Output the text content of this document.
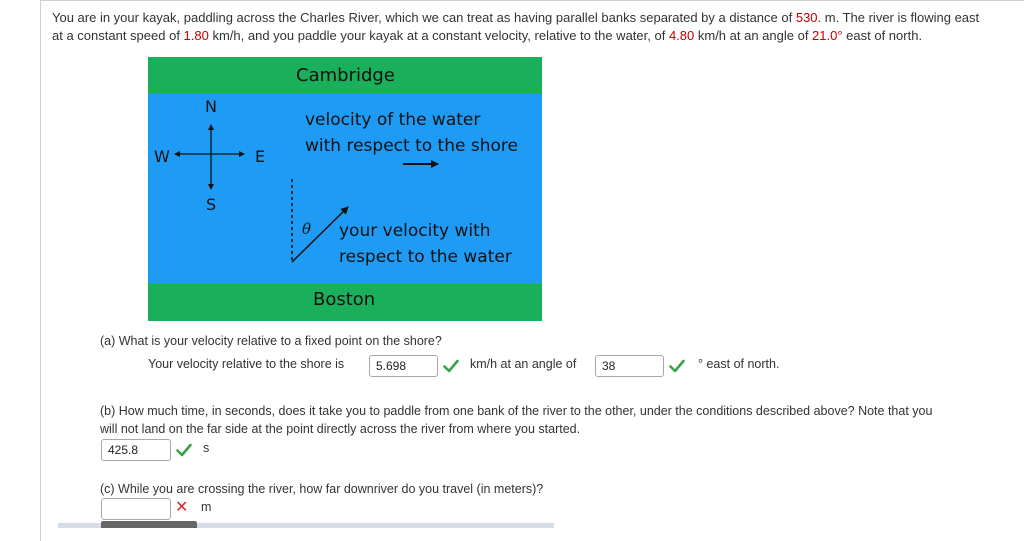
You are in your kayak, paddling across the Charles River, which we can treat as having parallel banks separated by a distance of 530. m. The river is flowing east
at a constant speed of 1.80 km/h, and you paddle your kayak at a constant velocity, relative to the water, of 4.80 km/h at an angle of 21.0° east of north.
Cambridge
Boston
N
S
E
W
velocity of the water
with respect to the shore
θ your velocity with
respect to the water
(a) What is your velocity relative to a fixed point on the shore?
Your velocity relative to the shore is	5.698	km/h at an angle of	38	° east of north.
(b) How much time, in seconds, does it take you to paddle from one bank of the river to the other, under the conditions described above? Note that you
will not land on the far side at the point directly across the river from where you started.
425.8	s
(c) While you are crossing the river, how far downriver do you travel (in meters)?
✕ m
